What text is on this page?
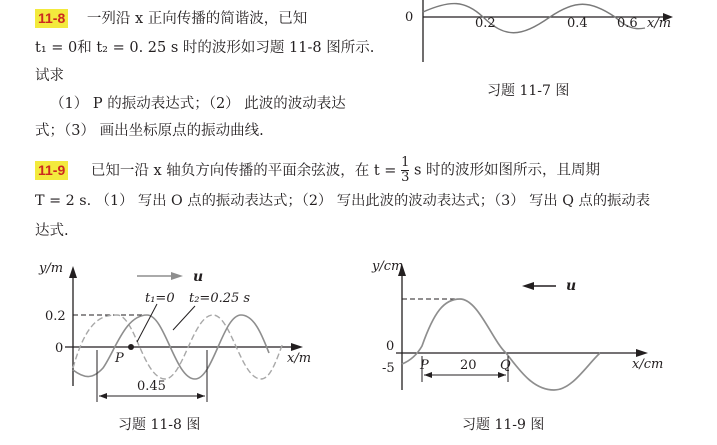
11-8 一列沿 x 正向传播的简谐波，已知
t₁ = 0和 t₂ = 0. 25 s 时的波形如习题 11-8 图所示.
试求
（1） P 的振动表达式；（2） 此波的波动表达
式；（3） 画出坐标原点的振动曲线.
0	0.2	0.4 0.6 x/m
习题 11-7 图
11-9 已知一沿 x 轴负方向传播的平面余弦波，在 $t = \frac{1}{3}$ s 时的波形如图所示，且周期
T = 2 s. （1） 写出 O 点的振动表达式；（2） 写出此波的波动表达式；（3） 写出 Q 点的振动表
达式.
y/m
u
t₁=0 t₂=0.25 s
0.2
0
P	x/m
0.45
习题 11-8 图
y/cm
u
0
-5 P	Q
20	x/cm
习题 11-9 图
